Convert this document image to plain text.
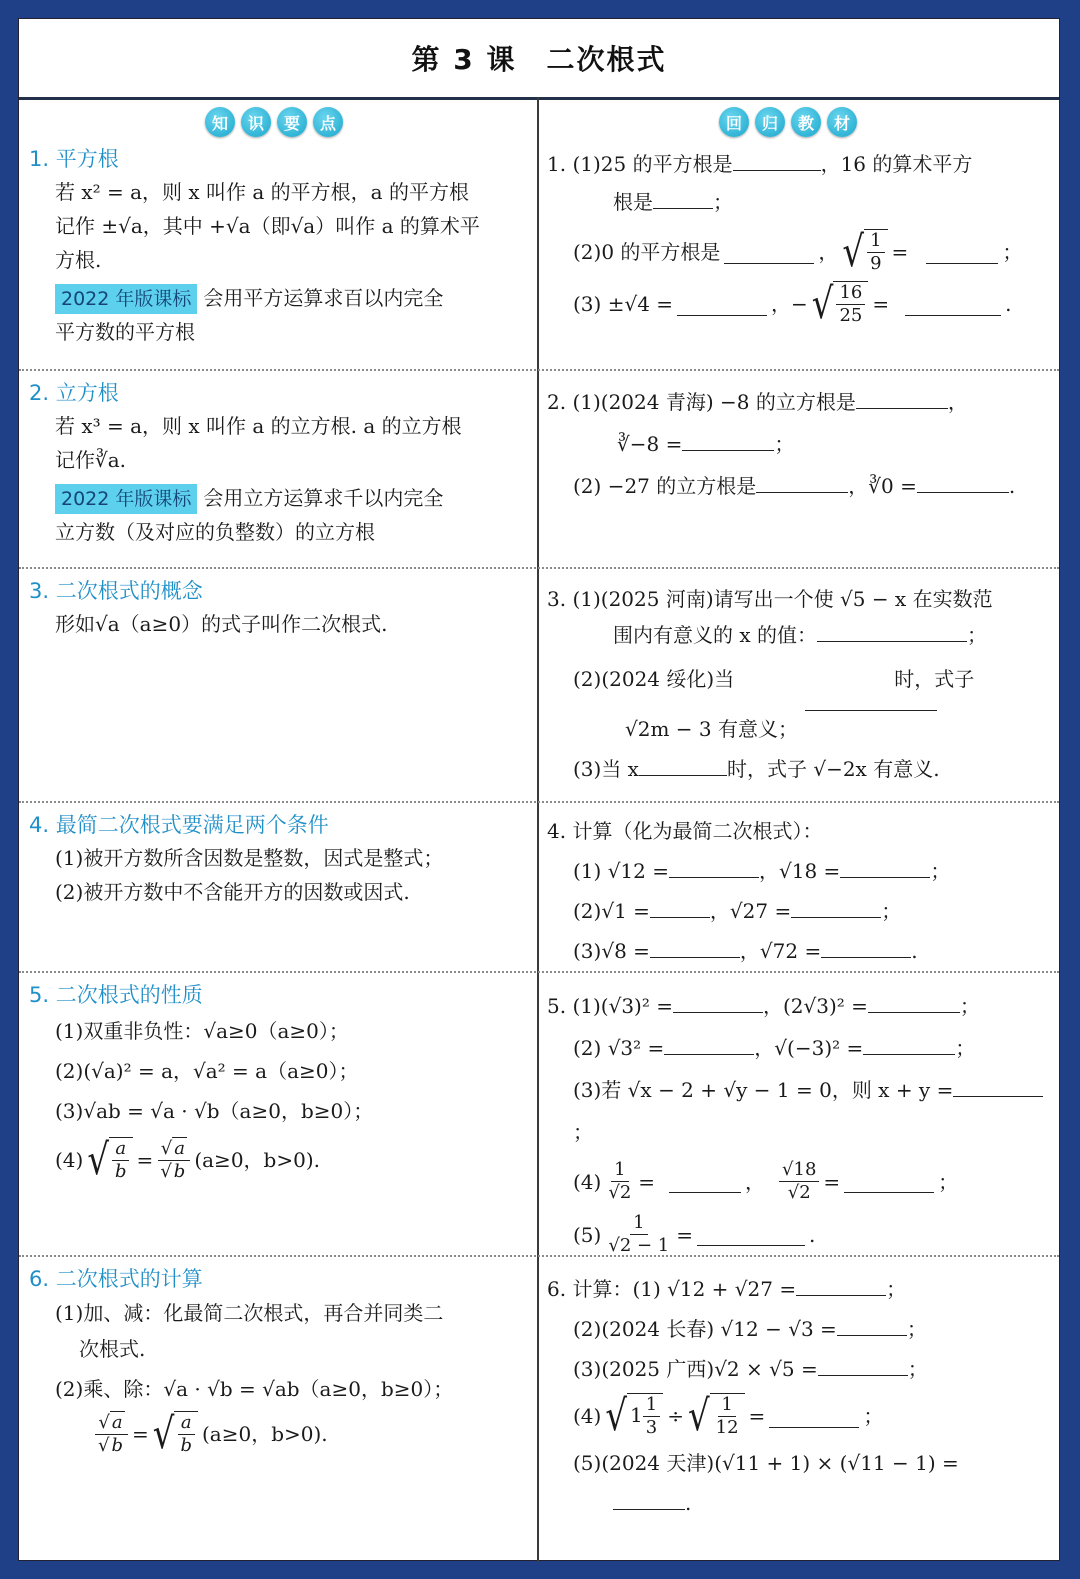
第 3 课　二次根式
知	识	要	点	回	归	教	材
1. 平方根

若 x² = a，则 x 叫作 a 的平方根，a 的平方根

记作 ±√a，其中 +√a（即√a）叫作 a 的算术平

方根.

2022 年版课标 会用平方运算求百以内完全

平方数的平方根

2. 立方根

若 x³ = a，则 x 叫作 a 的立方根. a 的立方根

记作∛a.

2022 年版课标 会用立方运算求千以内完全

立方数（及对应的负整数）的立方根

3. 二次根式的概念

形如√a（a≥0）的式子叫作二次根式.

4. 最简二次根式要满足两个条件

(1)被开方数所含因数是整数，因式是整式；

(2)被开方数中不含能开方的因数或因式.

5. 二次根式的性质

(1)双重非负性：√a≥0（a≥0）；

(2)(√a)² = a，√a² = a（a≥0）；

(3)√ab = √a · √b（a≥0，b≥0）；

(4) √ $\frac{a}{b} = \frac{√ a}{√ b} (a\ge 0$，b>0).

6. 二次根式的计算

(1)加、减：化最简二次根式，再合并同类二

次根式.

(2)乘、除：√a · √b = √ab（a≥0，b≥0）；

$\frac{√ a}{√ b}$ = √ $\frac{a}{b} (a\ge 0$，b>0).

1. (1)25 的平方根是	，16 的算术平方

根是	；

(2)0 的平方根是	， √ $\frac{1}{9}$ =	；

(3) ±√4 =	，− √ $\frac{16}{25}$ =	.

2. (1)(2024 青海) −8 的立方根是	，

∛−8 =	；

(2) −27 的立方根是	，∛0 =	.

3. (1)(2025 河南)请写出一个使 √5 − x 在实数范

围内有意义的 x 的值：	；

(2)(2024 绥化)当	时，式子

√2m − 3 有意义；

(3)当 x	时，式子 √−2x 有意义.

4. 计算（化为最简二次根式）：

(1) √12 =	，√18 =	；

(2)√1 =	，√27 =	；

(3)√8 =	，√72 =	.

5. (1)(√3)² =	，(2√3)² =	；

(2) √3² =	，√(−3)² =	；

(3)若 √x − 2 + √y − 1 = 0，则 x + y =；

$(4) \frac{1}{√2}$ =	， $\frac{√18}{√2}$ =	；

$(5) \frac{1}{√2 - 1}$ =	.

6. 计算：(1) √12 + √27 =	；

(2)(2024 长春) √12 − √3 =	；

(3)(2025 广西)√2 × √5 =	；

(4) √ $1 \frac{1}{3}$ ÷ √ $\frac{1}{12}$ =	；

(5)(2024 天津)(√11 + 1) × (√11 − 1) =

.
